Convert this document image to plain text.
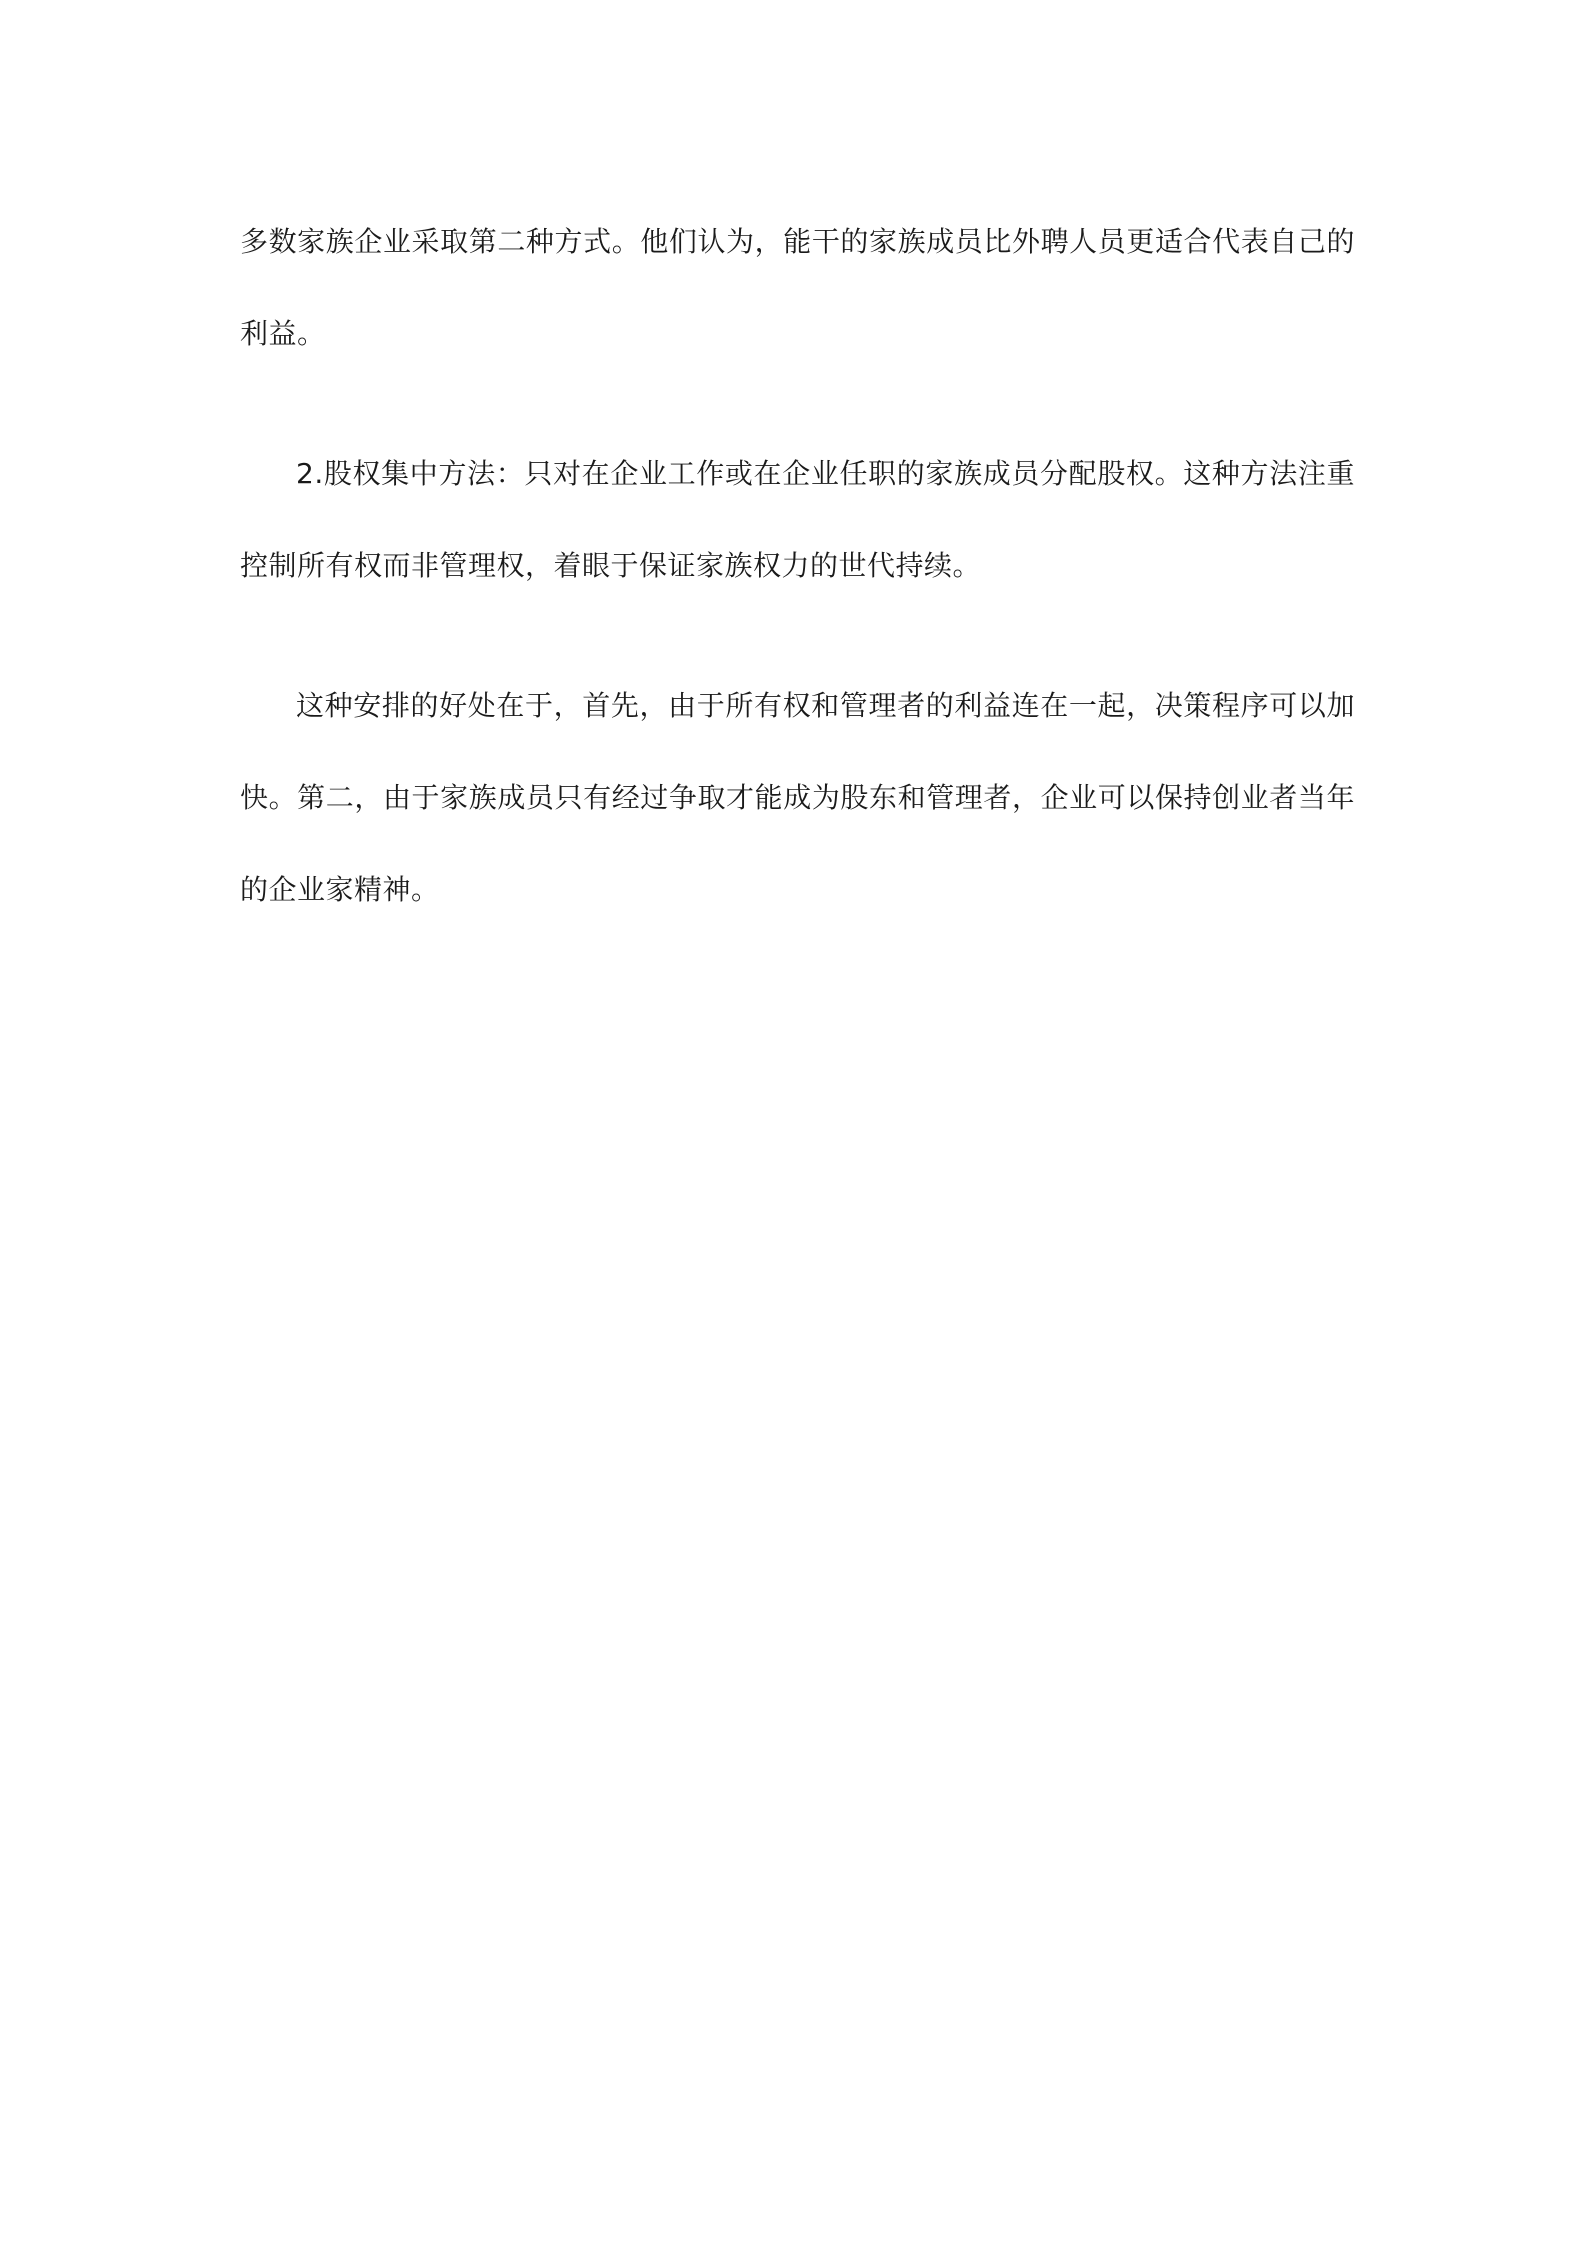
多数家族企业采取第二种方式。他们认为，能干的家族成员比外聘人员更适合代表自己的利益。

2.股权集中方法：只对在企业工作或在企业任职的家族成员分配股权。这种方法注重控制所有权而非管理权，着眼于保证家族权力的世代持续。

这种安排的好处在于，首先，由于所有权和管理者的利益连在一起，决策程序可以加快。第二，由于家族成员只有经过争取才能成为股东和管理者，企业可以保持创业者当年的企业家精神。
